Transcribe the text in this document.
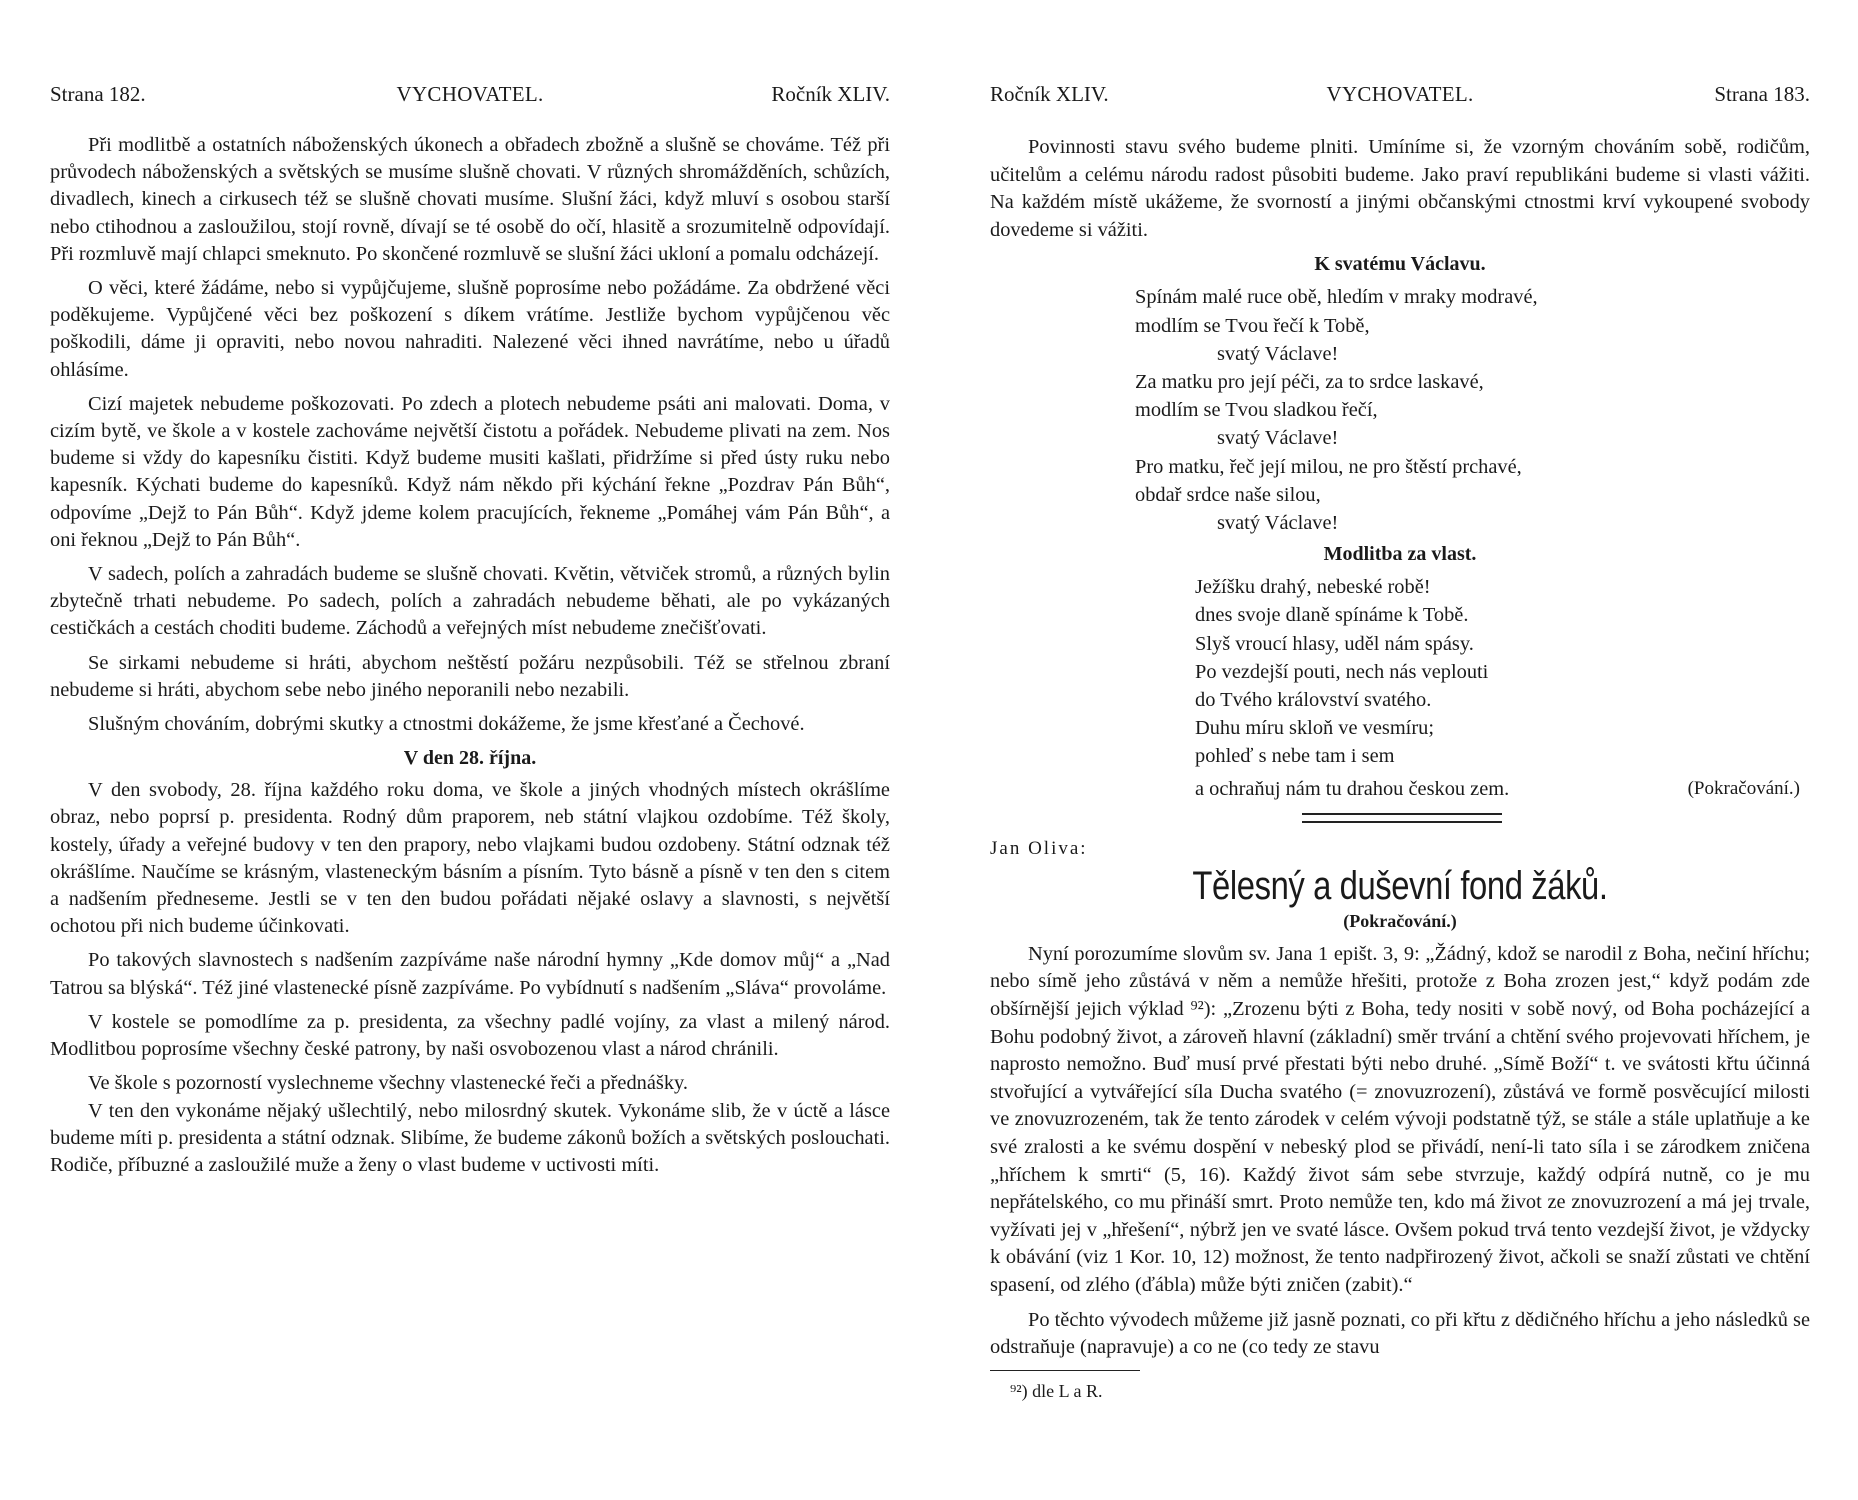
Strana 182.	VYCHOVATEL.	Ročník XLIV.

Při modlitbě a ostatních náboženských úkonech a obřadech zbožně a slušně se chováme. Též při průvodech náboženských a světských se musíme slušně chovati. V různých shromážděních, schůzích, divadlech, kinech a cirkusech též se slušně chovati musíme. Slušní žáci, když mluví s osobou starší nebo ctihodnou a zasloužilou, stojí rovně, dívají se té osobě do očí, hlasitě a srozumitelně odpovídají. Při rozmluvě mají chlapci smeknuto. Po skončené rozmluvě se slušní žáci ukloní a pomalu odcházejí.

O věci, které žádáme, nebo si vypůjčujeme, slušně poprosíme nebo požádáme. Za obdržené věci poděkujeme. Vypůjčené věci bez poškození s díkem vrátíme. Jestliže bychom vypůjčenou věc poškodili, dáme ji opraviti, nebo novou nahraditi. Nalezené věci ihned navrátíme, nebo u úřadů ohlásíme.

Cizí majetek nebudeme poškozovati. Po zdech a plotech nebudeme psáti ani malovati. Doma, v cizím bytě, ve škole a v kostele zachováme největší čistotu a pořádek. Nebudeme plivati na zem. Nos budeme si vždy do kapesníku čistiti. Když budeme musiti kašlati, přidržíme si před ústy ruku nebo kapesník. Kýchati budeme do kapesníků. Když nám někdo při kýchání řekne „Pozdrav Pán Bůh“, odpovíme „Dejž to Pán Bůh“. Když jdeme kolem pracujících, řekneme „Pomáhej vám Pán Bůh“, a oni řeknou „Dejž to Pán Bůh“.

V sadech, polích a zahradách budeme se slušně chovati. Květin, větviček stromů, a různých bylin zbytečně trhati nebudeme. Po sadech, polích a zahradách nebudeme běhati, ale po vykázaných cestičkách a cestách choditi budeme. Záchodů a veřejných míst nebudeme znečišťovati.

Se sirkami nebudeme si hráti, abychom neštěstí požáru nezpůsobili. Též se střelnou zbraní nebudeme si hráti, abychom sebe nebo jiného neporanili nebo nezabili.

Slušným chováním, dobrými skutky a ctnostmi dokážeme, že jsme křesťané a Čechové.

V den 28. října.

V den svobody, 28. října každého roku doma, ve škole a jiných vhodných místech okrášlíme obraz, nebo poprsí p. presidenta. Rodný dům praporem, neb státní vlajkou ozdobíme. Též školy, kostely, úřady a veřejné budovy v ten den prapory, nebo vlajkami budou ozdobeny. Státní odznak též okrášlíme. Naučíme se krásným, vlasteneckým básním a písním. Tyto básně a písně v ten den s citem a nadšením přednesеme. Jestli se v ten den budou pořádati nějaké oslavy a slavnosti, s největší ochotou při nich budeme účinkovati.

Po takových slavnostech s nadšením zazpíváme naše národní hymny „Kde domov můj“ a „Nad Tatrou sa blýská“. Též jiné vlastenecké písně zazpíváme. Po vybídnutí s nadšením „Sláva“ provoláme.

V kostele se pomodlíme za p. presidenta, za všechny padlé vojíny, za vlast a milený národ. Modlitbou poprosíme všechny české patrony, by naši osvobozenou vlast a národ chránili.

Ve škole s pozorností vyslechneme všechny vlastenecké řeči a přednášky.

V ten den vykonáme nějaký ušlechtilý, nebo milosrdný skutek. Vykonáme slib, že v úctě a lásce budeme míti p. presidenta a státní odznak. Slibíme, že budeme zákonů božích a světských poslouchati. Rodiče, příbuzné a zasloužilé muže a ženy o vlast budeme v uctivosti míti.

Ročník XLIV.	VYCHOVATEL.	Strana 183.

Povinnosti stavu svého budeme plniti. Umíníme si, že vzorným chováním sobě, rodičům, učitelům a celému národu radost působiti budeme. Jako praví republikáni budeme si vlasti vážiti. Na každém místě ukážeme, že svorností a jinými občanskými ctnostmi krví vykoupené svobody dovedeme si vážiti.

K svatému Václavu.
Spínám malé ruce obě, hledím v mraky modravé,
modlím se Tvou řečí k Tobě,
svatý Václave!
Za matku pro její péči, za to srdce laskavé,
modlím se Tvou sladkou řečí,
svatý Václave!
Pro matku, řeč její milou, ne pro štěstí prchavé,
obdař srdce naše silou,
svatý Václave!
Modlitba za vlast.
Ježíšku drahý, nebeské robě!
dnes svoje dlaně spínáme k Tobě.
Slyš vroucí hlasy, uděl nám spásy.
Po vezdejší pouti, nech nás veplouti
do Tvého království svatého.
Duhu míru skloň ve vesmíru;
pohleď s nebe tam i sem
a ochraňuj nám tu drahou českou zem.	(Pokračování.)
Jan Oliva:
Tělesný a duševní fond žáků.
(Pokračování.)

Nyní porozumíme slovům sv. Jana 1 epišt. 3, 9: „Žádný, kdož se narodil z Boha, nečiní hříchu; nebo símě jeho zůstává v něm a nemůže hřešiti, protože z Boha zrozen jest,“ když podám zde obšírnější jejich výklad ⁹²): „Zrozenu býti z Boha, tedy nositi v sobě nový, od Boha pocházející a Bohu podobný život, a zároveň hlavní (základní) směr trvání a chtění svého projevovati hříchem, je naprosto nemožno. Buď musí prvé přestati býti nebo druhé. „Símě Boží“ t. ve svátosti křtu účinná stvořující a vytvářející síla Ducha svatého (= znovuzrození), zůstává ve formě posvěcující milosti ve znovuzrozeném, tak že tento zárodek v celém vývoji podstatně týž, se stále a stále uplatňuje a ke své zralosti a ke svému dospění v nebeský plod se přivádí, není-li tato síla i se zárodkem zničena „hříchem k smrti“ (5, 16). Každý život sám sebe stvrzuje, každý odpírá nutně, co je mu nepřátelského, co mu přináší smrt. Proto nemůže ten, kdo má život ze znovuzrození a má jej trvale, vyžívati jej v „hřešení“, nýbrž jen ve svaté lásce. Ovšem pokud trvá tento vezdejší život, je vždycky k obávání (viz 1 Kor. 10, 12) možnost, že tento nadpřirozený život, ačkoli se snaží zůstati ve chtění spasení, od zlého (ďábla) může býti zničen (zabit).“

Po těchto vývodech můžeme již jasně poznati, co při křtu z dědičného hříchu a jeho následků se odstraňuje (napravuje) a co ne (co tedy ze stavu

⁹²) dle L a R.
